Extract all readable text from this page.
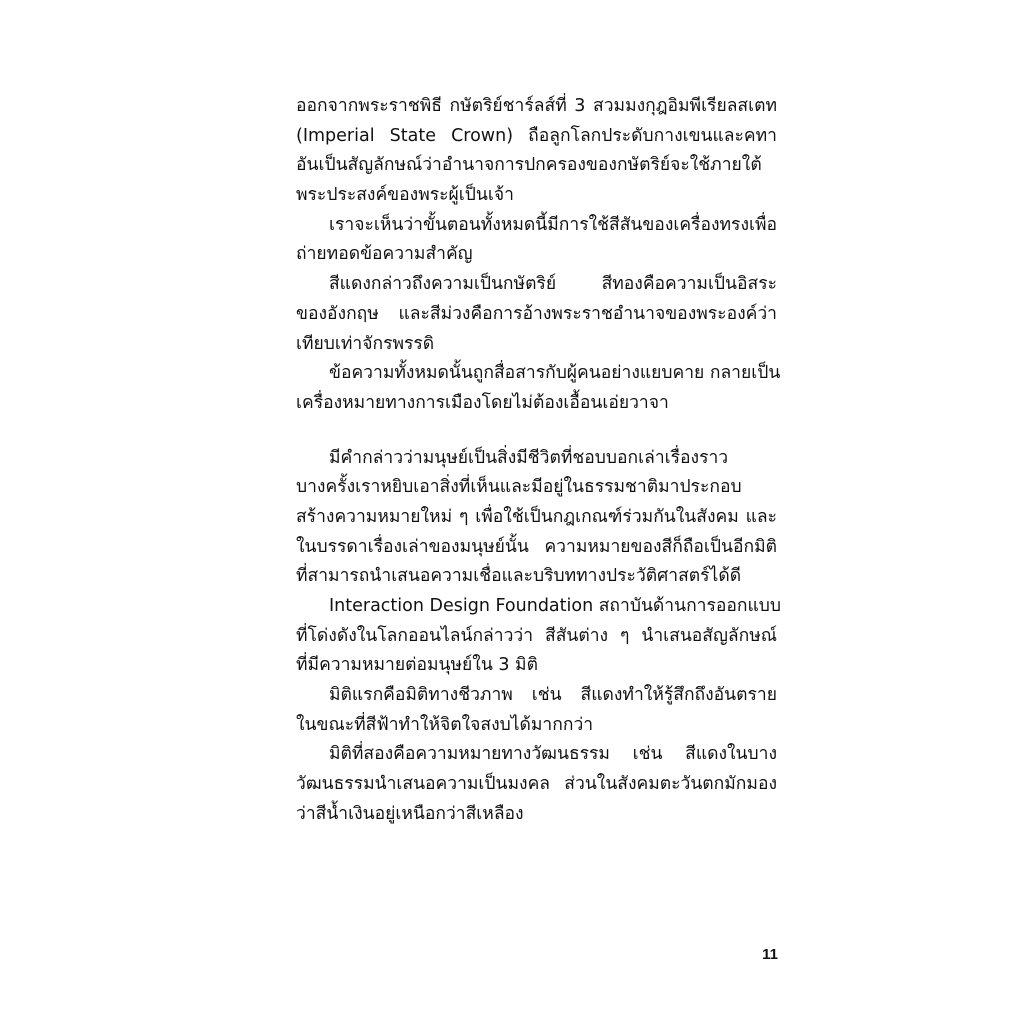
ออกจากพระราชพิธี กษัตริย์ชาร์ลส์ที่ 3 สวมมงกุฎอิมพีเรียลสเตท
(Imperial State Crown) ถือลูกโลกประดับกางเขนและคทา
อันเป็นสัญลักษณ์ว่าอำนาจการปกครองของกษัตริย์จะใช้ภายใต้
พระประสงค์ของพระผู้เป็นเจ้า
เราจะเห็นว่าขั้นตอนทั้งหมดนี้มีการใช้สีสันของเครื่องทรงเพื่อ
ถ่ายทอดข้อความสำคัญ
สีแดงกล่าวถึงความเป็นกษัตริย์ สีทองคือความเป็นอิสระ
ของอังกฤษ และสีม่วงคือการอ้างพระราชอำนาจของพระองค์ว่า
เทียบเท่าจักรพรรดิ
ข้อความทั้งหมดนั้นถูกสื่อสารกับผู้คนอย่างแยบคาย กลายเป็น
เครื่องหมายทางการเมืองโดยไม่ต้องเอื้อนเอ่ยวาจา
มีคำกล่าวว่ามนุษย์เป็นสิ่งมีชีวิตที่ชอบบอกเล่าเรื่องราว
บางครั้งเราหยิบเอาสิ่งที่เห็นและมีอยู่ในธรรมชาติมาประกอบ
สร้างความหมายใหม่ ๆ เพื่อใช้เป็นกฎเกณฑ์ร่วมกันในสังคม และ
ในบรรดาเรื่องเล่าของมนุษย์นั้น ความหมายของสีก็ถือเป็นอีกมิติ
ที่สามารถนำเสนอความเชื่อและบริบททางประวัติศาสตร์ได้ดี
Interaction Design Foundation สถาบันด้านการออกแบบ
ที่โด่งดังในโลกออนไลน์กล่าวว่า สีสันต่าง ๆ นำเสนอสัญลักษณ์
ที่มีความหมายต่อมนุษย์ใน 3 มิติ
มิติแรกคือมิติทางชีวภาพ เช่น สีแดงทำให้รู้สึกถึงอันตราย
ในขณะที่สีฟ้าทำให้จิตใจสงบได้มากกว่า
มิติที่สองคือความหมายทางวัฒนธรรม เช่น สีแดงในบาง
วัฒนธรรมนำเสนอความเป็นมงคล ส่วนในสังคมตะวันตกมักมอง
ว่าสีน้ำเงินอยู่เหนือกว่าสีเหลือง
11
